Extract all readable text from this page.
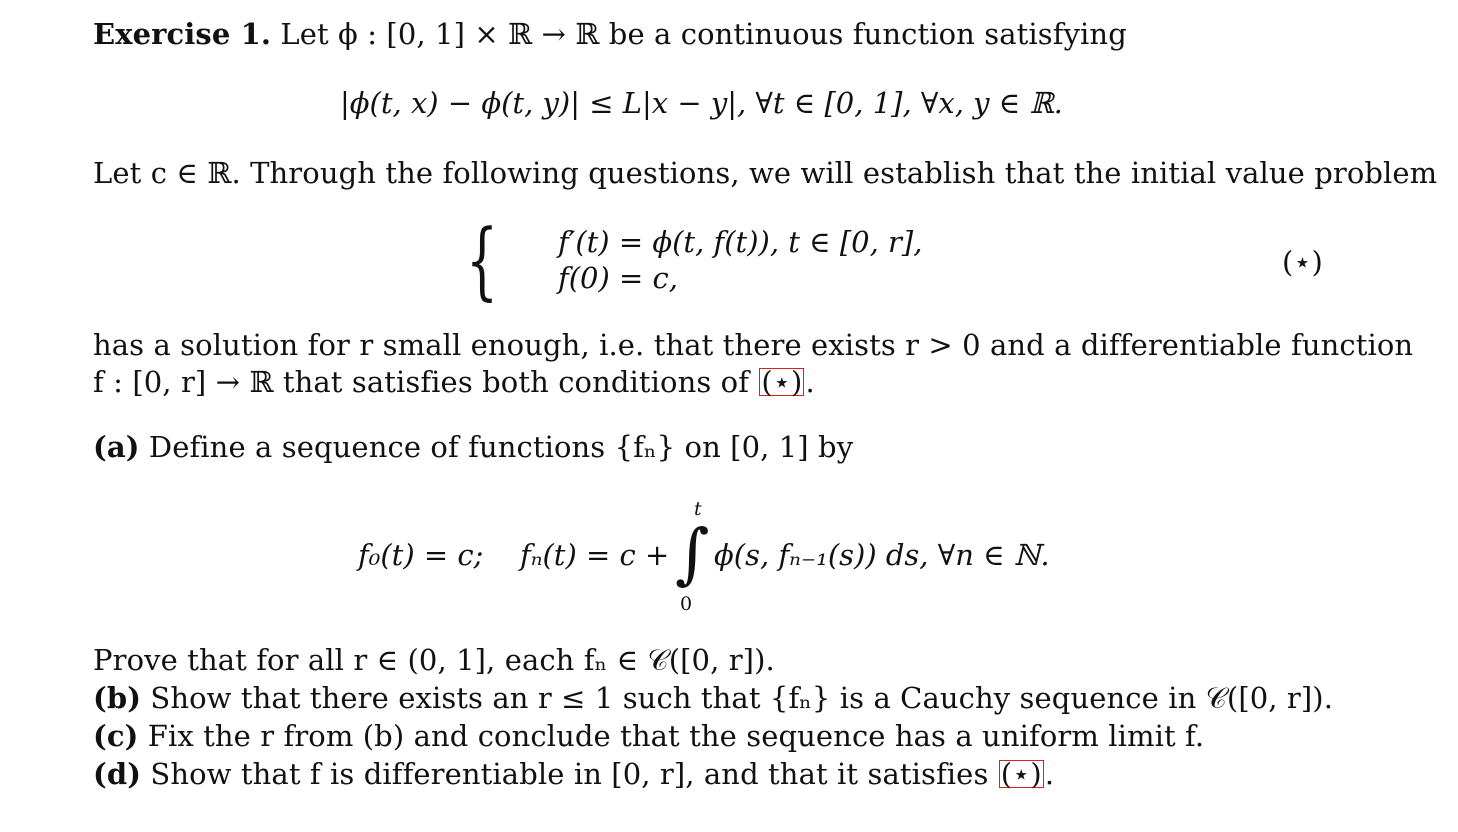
Exercise 1. Let ϕ : [0, 1] × ℝ → ℝ be a continuous function satisfying
|ϕ(t, x) − ϕ(t, y)| ≤ L|x − y|, ∀t ∈ [0, 1], ∀x, y ∈ ℝ.
Let c ∈ ℝ. Through the following questions, we will establish that the initial value problem
{ f′(t) = ϕ(t, f(t)), t ∈ [0, r],
f(0) = c,	(⋆)
has a solution for r small enough, i.e. that there exists r > 0 and a differentiable function
f : [0, r] → ℝ that satisfies both conditions of (⋆) .
(a) Define a sequence of functions {fₙ} on [0, 1] by
f₀(t) = c; fₙ(t) = c + ∫
t
0
ϕ(s, fₙ₋₁(s)) ds, ∀n ∈ ℕ.
Prove that for all r ∈ (0, 1], each fₙ ∈ 𝒞([0, r]).
(b) Show that there exists an r ≤ 1 such that {fₙ} is a Cauchy sequence in 𝒞([0, r]).
(c) Fix the r from (b) and conclude that the sequence has a uniform limit f.
(d) Show that f is differentiable in [0, r], and that it satisfies (⋆) .
